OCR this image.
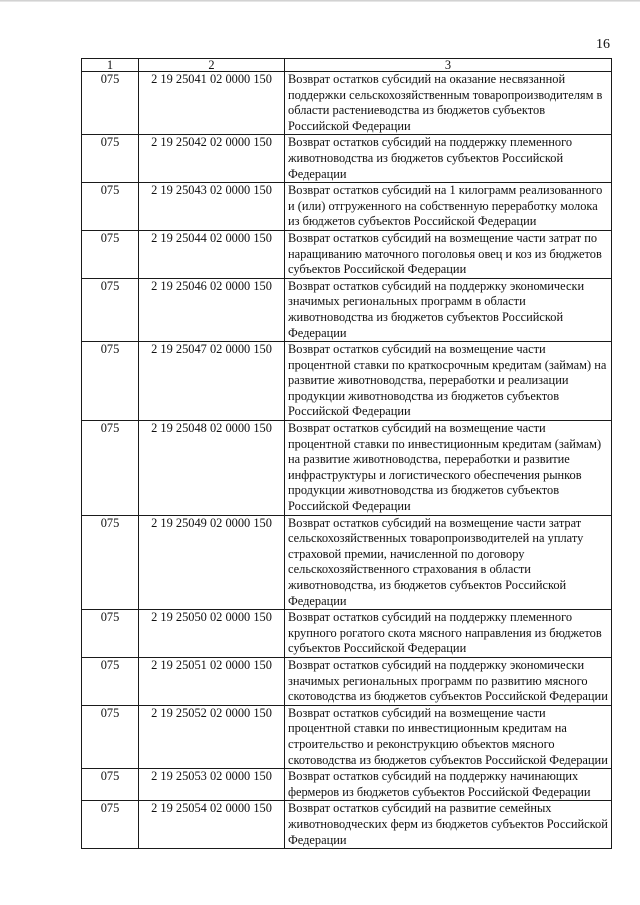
16
1	2	3
075	2 19 25041 02 0000 150	Возврат остатков субсидий на оказание несвязанной поддержки сельскохозяйственным товаропроизводителям в области растениеводства из бюджетов субъектов Российской Федерации
075	2 19 25042 02 0000 150	Возврат остатков субсидий на поддержку племенного животноводства из бюджетов субъектов Российской Федерации
075	2 19 25043 02 0000 150	Возврат остатков субсидий на 1 килограмм реализованного и (или) отгруженного на собственную переработку молока из бюджетов субъектов Российской Федерации
075	2 19 25044 02 0000 150	Возврат остатков субсидий на возмещение части затрат по наращиванию маточного поголовья овец и коз из бюджетов субъектов Российской Федерации
075	2 19 25046 02 0000 150	Возврат остатков субсидий на поддержку экономически значимых региональных программ в области животноводства из бюджетов субъектов Российской Федерации
075	2 19 25047 02 0000 150	Возврат остатков субсидий на возмещение части процентной ставки по краткосрочным кредитам (займам) на развитие животноводства, переработки и реализации продукции животноводства из бюджетов субъектов Российской Федерации
075	2 19 25048 02 0000 150	Возврат остатков субсидий на возмещение части процентной ставки по инвестиционным кредитам (займам) на развитие животноводства, переработки и развитие инфраструктуры и логистического обеспечения рынков продукции животноводства из бюджетов субъектов Российской Федерации
075	2 19 25049 02 0000 150	Возврат остатков субсидий на возмещение части затрат сельскохозяйственных товаропроизводителей на уплату страховой премии, начисленной по договору сельскохозяйственного страхования в области животноводства, из бюджетов субъектов Российской Федерации
075	2 19 25050 02 0000 150	Возврат остатков субсидий на поддержку племенного крупного рогатого скота мясного направления из бюджетов субъектов Российской Федерации
075	2 19 25051 02 0000 150	Возврат остатков субсидий на поддержку экономически значимых региональных программ по развитию мясного скотоводства из бюджетов субъектов Российской Федерации
075	2 19 25052 02 0000 150	Возврат остатков субсидий на возмещение части процентной ставки по инвестиционным кредитам на строительство и реконструкцию объектов мясного скотоводства из бюджетов субъектов Российской Федерации
075	2 19 25053 02 0000 150	Возврат остатков субсидий на поддержку начинающих фермеров из бюджетов субъектов Российской Федерации
075	2 19 25054 02 0000 150	Возврат остатков субсидий на развитие семейных животноводческих ферм из бюджетов субъектов Российской Федерации
